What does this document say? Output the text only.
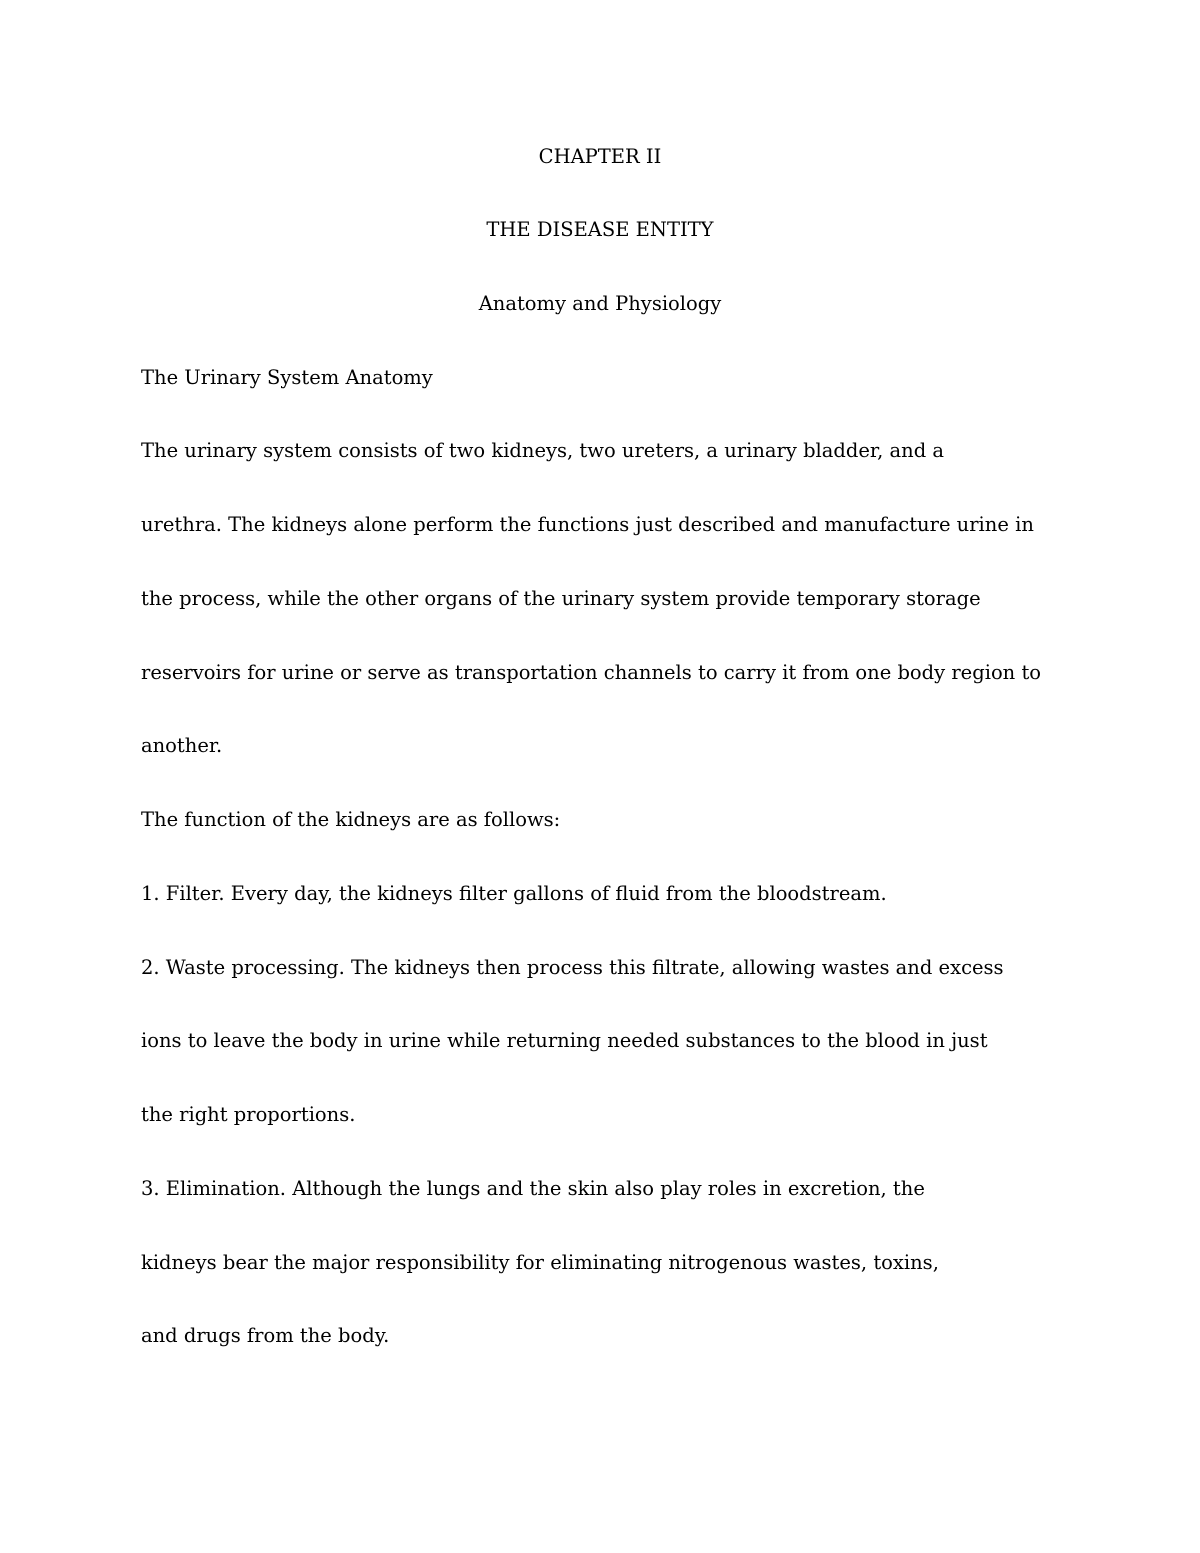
CHAPTER II
THE DISEASE ENTITY
Anatomy and Physiology
The Urinary System Anatomy
The urinary system consists of two kidneys, two ureters, a urinary bladder, and a
urethra. The kidneys alone perform the functions just described and manufacture urine in
the process, while the other organs of the urinary system provide temporary storage
reservoirs for urine or serve as transportation channels to carry it from one body region to
another.
The function of the kidneys are as follows:
1. Filter. Every day, the kidneys filter gallons of fluid from the bloodstream.
2. Waste processing. The kidneys then process this filtrate, allowing wastes and excess
ions to leave the body in urine while returning needed substances to the blood in just
the right proportions.
3. Elimination. Although the lungs and the skin also play roles in excretion, the
kidneys bear the major responsibility for eliminating nitrogenous wastes, toxins,
and drugs from the body.
